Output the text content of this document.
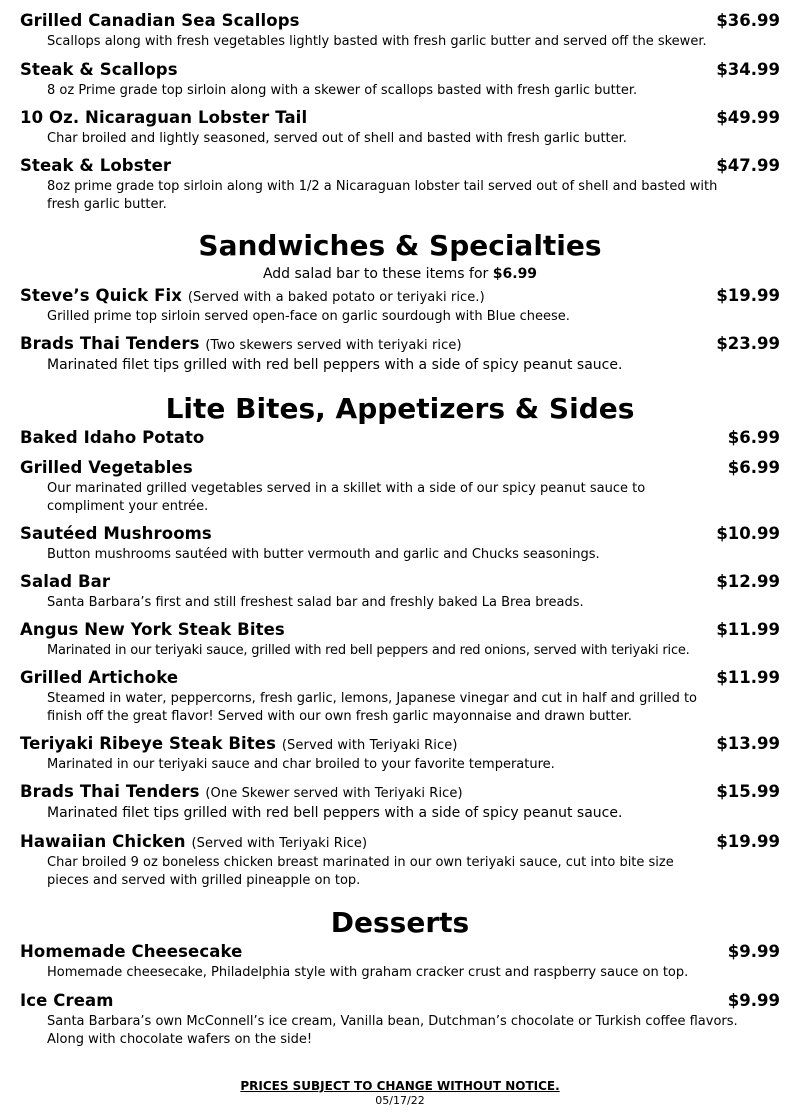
Grilled Canadian Sea Scallops	$36.99
Scallops along with fresh vegetables lightly basted with fresh garlic butter and served off the skewer.
Steak & Scallops	$34.99
8 oz Prime grade top sirloin along with a skewer of scallops basted with fresh garlic butter.
10 Oz. Nicaraguan Lobster Tail	$49.99
Char broiled and lightly seasoned, served out of shell and basted with fresh garlic butter.
Steak & Lobster	$47.99
8oz prime grade top sirloin along with 1/2 a Nicaraguan lobster tail served out of shell and basted with fresh garlic butter.
Sandwiches & Specialties
Add salad bar to these items for $6.99
Steve’s Quick Fix (Served with a baked potato or teriyaki rice.)	$19.99
Grilled prime top sirloin served open-face on garlic sourdough with Blue cheese.
Brads Thai Tenders (Two skewers served with teriyaki rice)	$23.99
Marinated filet tips grilled with red bell peppers with a side of spicy peanut sauce.
Lite Bites, Appetizers & Sides
Baked Idaho Potato	$6.99
Grilled Vegetables	$6.99
Our marinated grilled vegetables served in a skillet with a side of our spicy peanut sauce to compliment your entrée.
Sautéed Mushrooms	$10.99
Button mushrooms sautéed with butter vermouth and garlic and Chucks seasonings.
Salad Bar	$12.99
Santa Barbara’s first and still freshest salad bar and freshly baked La Brea breads.
Angus New York Steak Bites	$11.99
Marinated in our teriyaki sauce, grilled with red bell peppers and red onions, served with teriyaki rice.
Grilled Artichoke	$11.99
Steamed in water, peppercorns, fresh garlic, lemons, Japanese vinegar and cut in half and grilled to finish off the great flavor! Served with our own fresh garlic mayonnaise and drawn butter.
Teriyaki Ribeye Steak Bites (Served with Teriyaki Rice)	$13.99
Marinated in our teriyaki sauce and char broiled to your favorite temperature.
Brads Thai Tenders (One Skewer served with Teriyaki Rice)	$15.99
Marinated filet tips grilled with red bell peppers with a side of spicy peanut sauce.
Hawaiian Chicken (Served with Teriyaki Rice)	$19.99
Char broiled 9 oz boneless chicken breast marinated in our own teriyaki sauce, cut into bite size pieces and served with grilled pineapple on top.
Desserts
Homemade Cheesecake	$9.99
Homemade cheesecake, Philadelphia style with graham cracker crust and raspberry sauce on top.
Ice Cream	$9.99
Santa Barbara’s own McConnell’s ice cream, Vanilla bean, Dutchman’s chocolate or Turkish coffee flavors. Along with chocolate wafers on the side!
PRICES SUBJECT TO CHANGE WITHOUT NOTICE.
05/17/22
